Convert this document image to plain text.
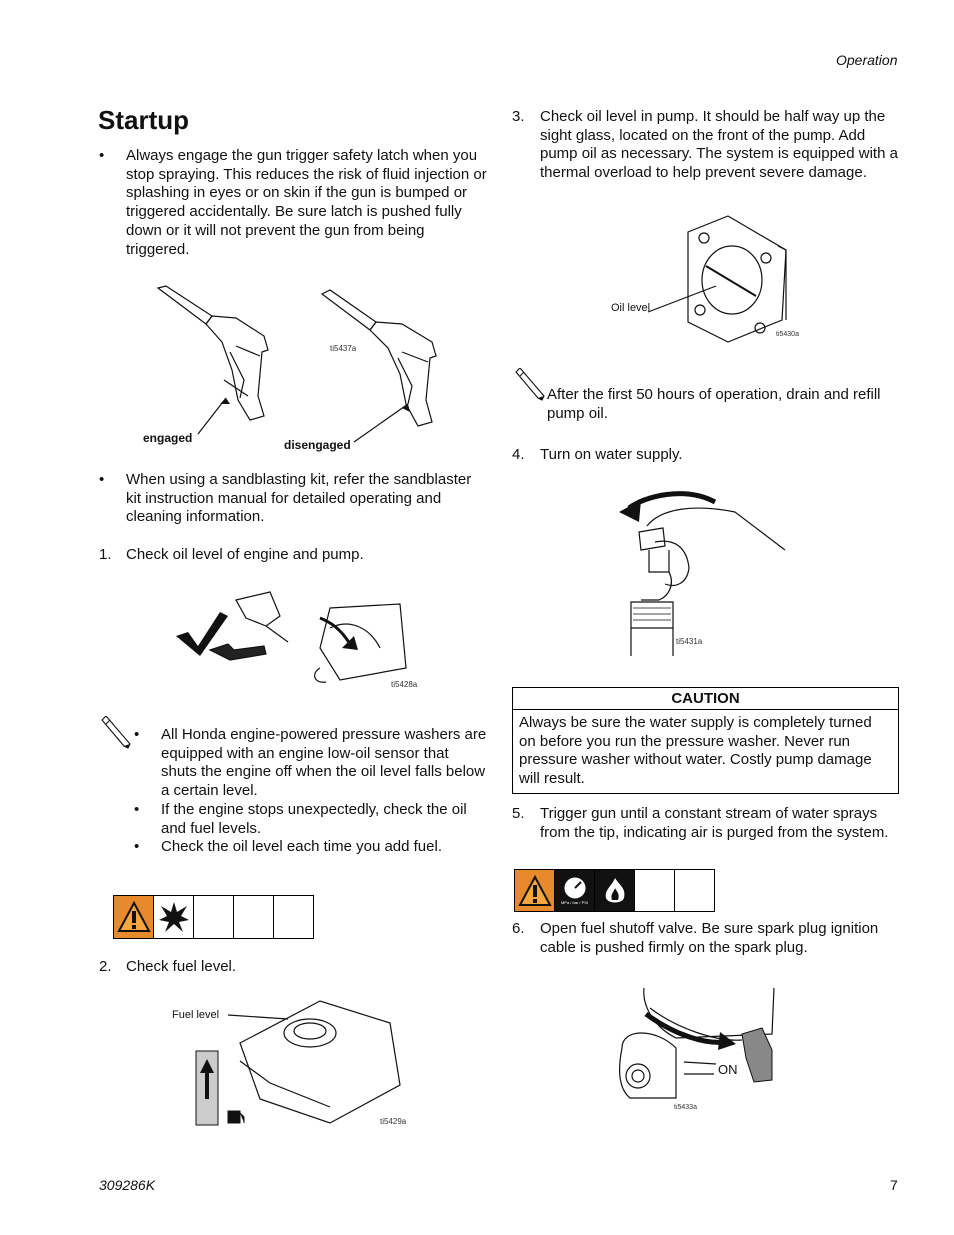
Operation
Startup
• Always engage the gun trigger safety latch when you stop spraying. This reduces the risk of fluid injection or splashing in eyes or on skin if the gun is bumped or triggered accidentally. Be sure latch is pushed fully down or it will not prevent the gun from being triggered.
ti5437a
engaged	disengaged
• When using a sandblasting kit, refer the sandblaster kit instruction manual for detailed operating and cleaning information.
1. Check oil level of engine and pump.
ti5428a
• All Honda engine-powered pressure washers are equipped with an engine low-oil sensor that shuts the engine off when the oil level falls below a certain level.
• If the engine stops unexpectedly, check the oil and fuel levels.
• Check the oil level each time you add fuel.
2. Check fuel level.
Fuel level
ti5429a
3. Check oil level in pump. It should be half way up the sight glass, located on the front of the pump. Add pump oil as necessary. The system is equipped with a thermal overload to help prevent severe damage.
Oil level
ti5430a
After the first 50 hours of operation, drain and refill pump oil.
4. Turn on water supply.
ti5431a
CAUTION
Always be sure the water supply is completely turned on before you run the pressure washer. Never run pressure washer without water. Costly pump damage will result.
5. Trigger gun until a constant stream of water sprays from the tip, indicating air is purged from the system.
MPa / bar / PSI
6. Open fuel shutoff valve. Be sure spark plug ignition cable is pushed firmly on the spark plug.
ON
ti5433a
309286K	7
